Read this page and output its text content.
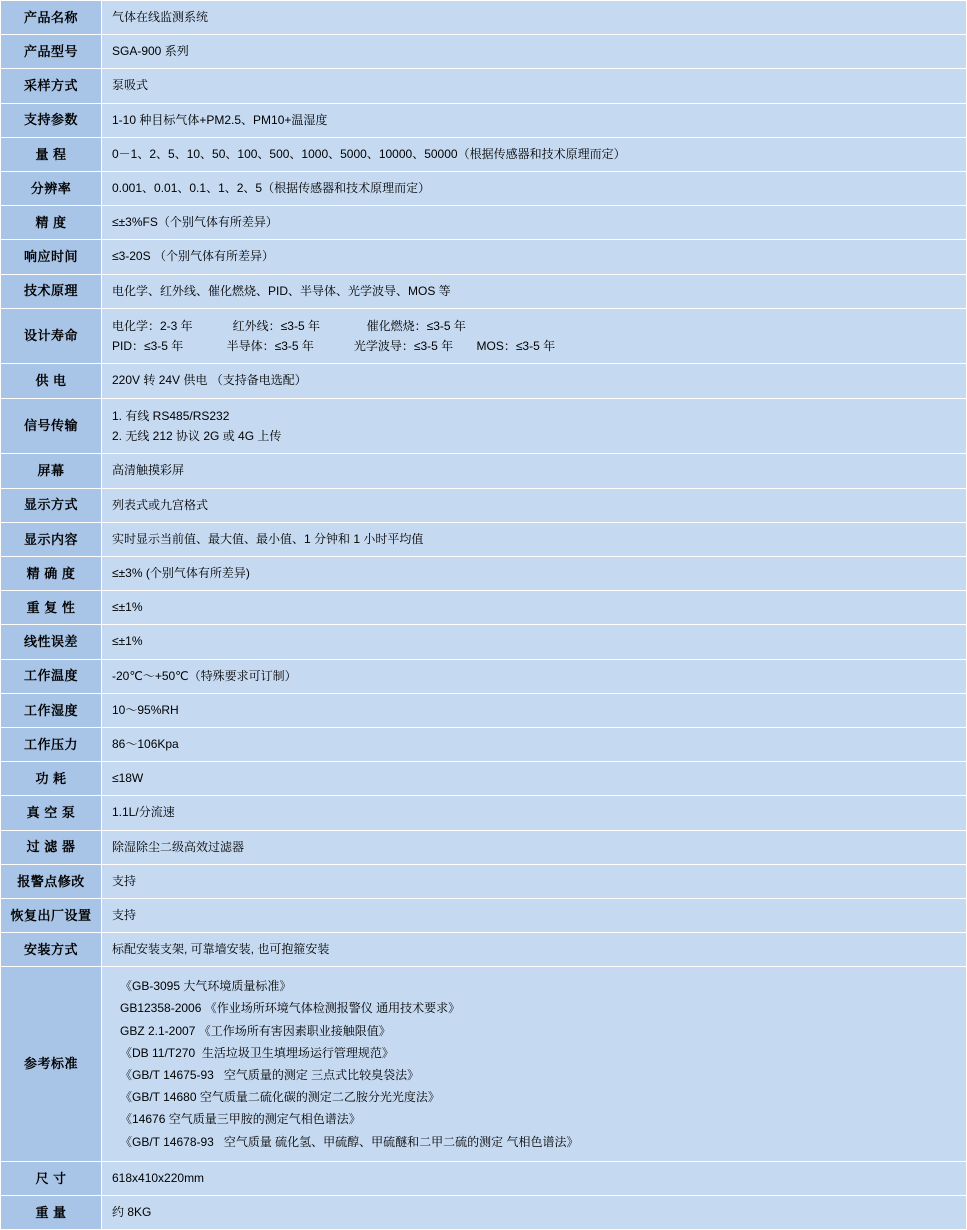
产品名称	气体在线监测系统
产品型号	SGA-900 系列
采样方式	泵吸式
支持参数	1-10 种目标气体+PM2.5、PM10+温湿度
量 程	0－1、2、5、10、50、100、500、1000、5000、10000、50000（根据传感器和技术原理而定）
分辨率	0.001、0.01、0.1、1、2、5（根据传感器和技术原理而定）
精 度	≤±3%FS（个别气体有所差异）
响应时间	≤3-20S （个别气体有所差异）
技术原理	电化学、红外线、催化燃烧、PID、半导体、光学波导、MOS 等
设计寿命	电化学：2-3 年            红外线：≤3-5 年              催化燃烧：≤3-5 年
PID：≤3-5 年             半导体：≤3-5 年            光学波导：≤3-5 年       MOS：≤3-5 年

供 电	220V 转 24V 供电 （支持备电选配）
信号传输	1. 有线 RS485/RS232
2. 无线 212 协议 2G 或 4G 上传

屏幕	高清触摸彩屏
显示方式	列表式或九宫格式
显示内容	实时显示当前值、最大值、最小值、1 分钟和 1 小时平均值
精 确 度	≤±3% (个别气体有所差异)
重 复 性	≤±1%
线性误差	≤±1%
工作温度	-20℃～+50℃（特殊要求可订制）
工作湿度	10～95%RH
工作压力	86～106Kpa
功 耗	≤18W
真 空 泵	1.1L/分流速
过 滤 器	除湿除尘二级高效过滤器
报警点修改	支持
恢复出厂设置	支持
安装方式	标配安装支架, 可靠墙安装, 也可抱箍安装
参考标准	
《GB-3095 大气环境质量标准》
GB12358-2006 《作业场所环境气体检测报警仪 通用技术要求》
GBZ 2.1-2007 《工作场所有害因素职业接触限值》
《DB 11/T270  生活垃圾卫生填埋场运行管理规范》
《GB/T 14675-93   空气质量的测定 三点式比较臭袋法》
《GB/T 14680 空气质量二硫化碳的测定二乙胺分光光度法》
《14676 空气质量三甲胺的测定气相色谱法》
《GB/T 14678-93   空气质量 硫化氢、甲硫醇、甲硫醚和二甲二硫的测定 气相色谱法》

尺 寸	618x410x220mm
重 量	约 8KG
